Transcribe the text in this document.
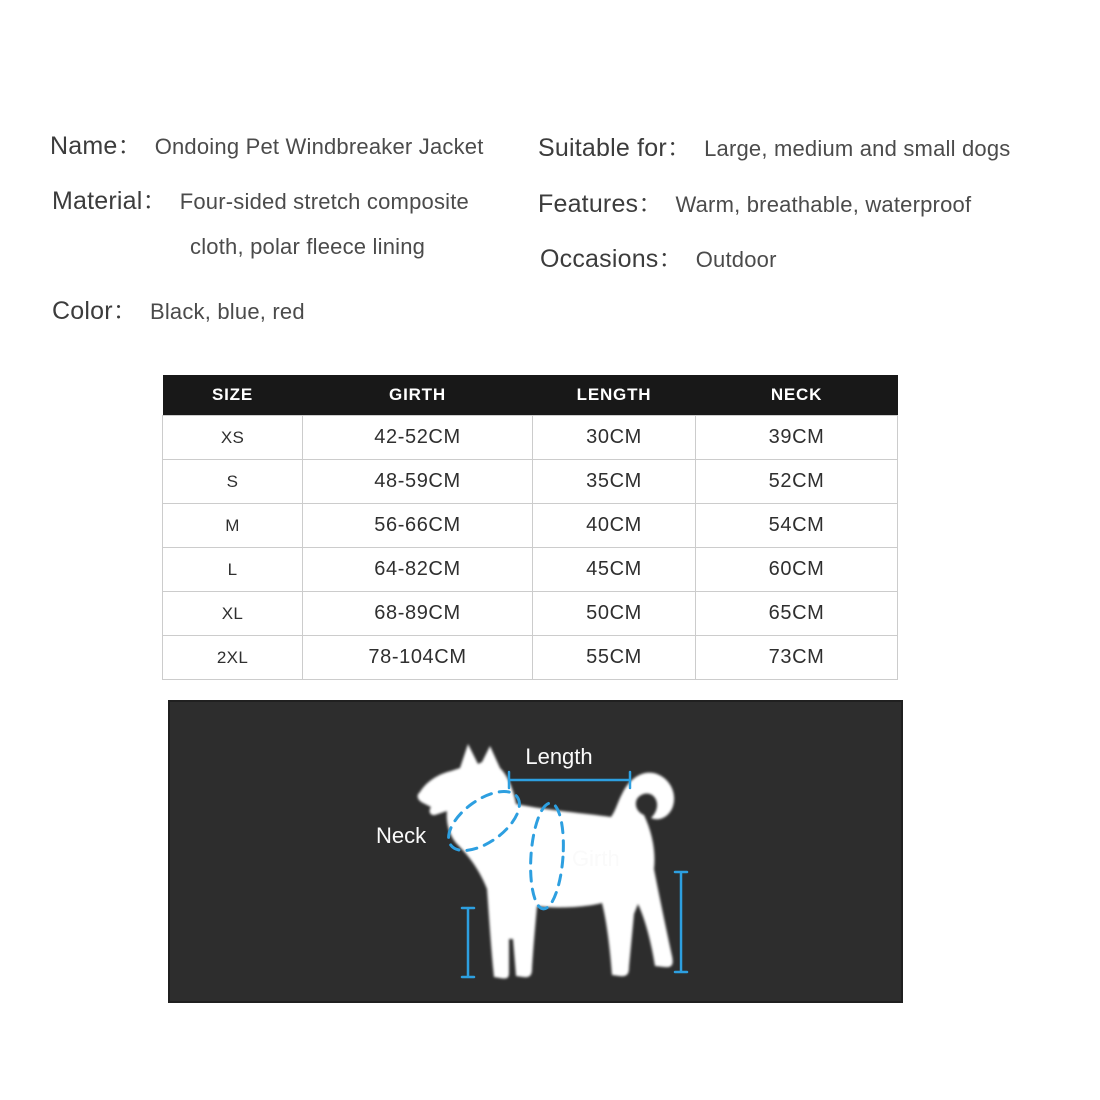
Name： Ondoing Pet Windbreaker Jacket
Material： Four-sided stretch composite
cloth, polar fleece lining
Color： Black, blue, red
Suitable for： Large, medium and small dogs
Features： Warm, breathable, waterproof
Occasions： Outdoor
SIZE	GIRTH	LENGTH	NECK
XS	42-52CM	30CM	39CM
S	48-59CM	35CM	52CM
M	56-66CM	40CM	54CM
L	64-82CM	45CM	60CM
XL	68-89CM	50CM	65CM
2XL	78-104CM	55CM	73CM
Length
Neck
Girth
